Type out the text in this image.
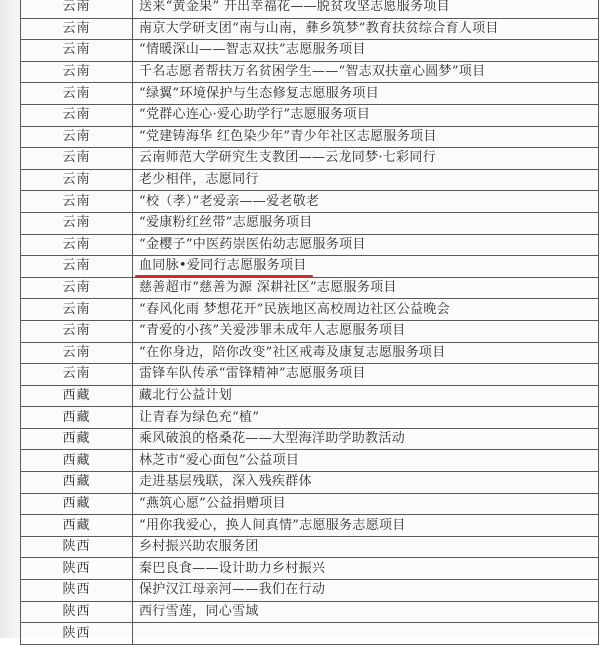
云南	送来“黄金果” 开出幸福花——脱贫攻坚志愿服务项目
云南	南京大学研支团“南与山南，彝乡筑梦”教育扶贫综合育人项目
云南	“情暖深山——智志双扶”志愿服务项目
云南	千名志愿者帮扶万名贫困学生——“智志双扶童心圆梦”项目
云南	“绿翼”环境保护与生态修复志愿服务项目
云南	“党群心连心·爱心助学行”志愿服务项目
云南	“党建铸海华 红色染少年”青少年社区志愿服务项目
云南	云南师范大学研究生支教团——云龙同梦·七彩同行
云南	老少相伴，志愿同行
云南	“校（孝）”老爱亲——爱老敬老
云南	“爱康粉红丝带”志愿服务项目
云南	“金樱子”中医药崇医佑幼志愿服务项目
云南	血同脉•爱同行志愿服务项目

云南	慈善超市“慈善为源 深耕社区”志愿服务项目
云南	“春风化雨 梦想花开”民族地区高校周边社区公益晚会
云南	“青爱的小孩”关爱涉罪未成年人志愿服务项目
云南	“在你身边，陪你改变”社区戒毒及康复志愿服务项目
云南	雷锋车队传承“雷锋精神”志愿服务项目
西藏	藏北行公益计划
西藏	让青春为绿色充“植”
西藏	乘风破浪的格桑花——大型海洋助学助教活动
西藏	林芝市“爱心面包”公益项目
西藏	走进基层残联，深入残疾群体
西藏	“燕筑心愿”公益捐赠项目
西藏	“用你我爱心，换人间真情”志愿服务志愿项目
陕西	乡村振兴助农服务团
陕西	秦巴良食——设计助力乡村振兴
陕西	保护汉江母亲河——我们在行动
陕西	西行雪莲，同心雪域
陕西	
